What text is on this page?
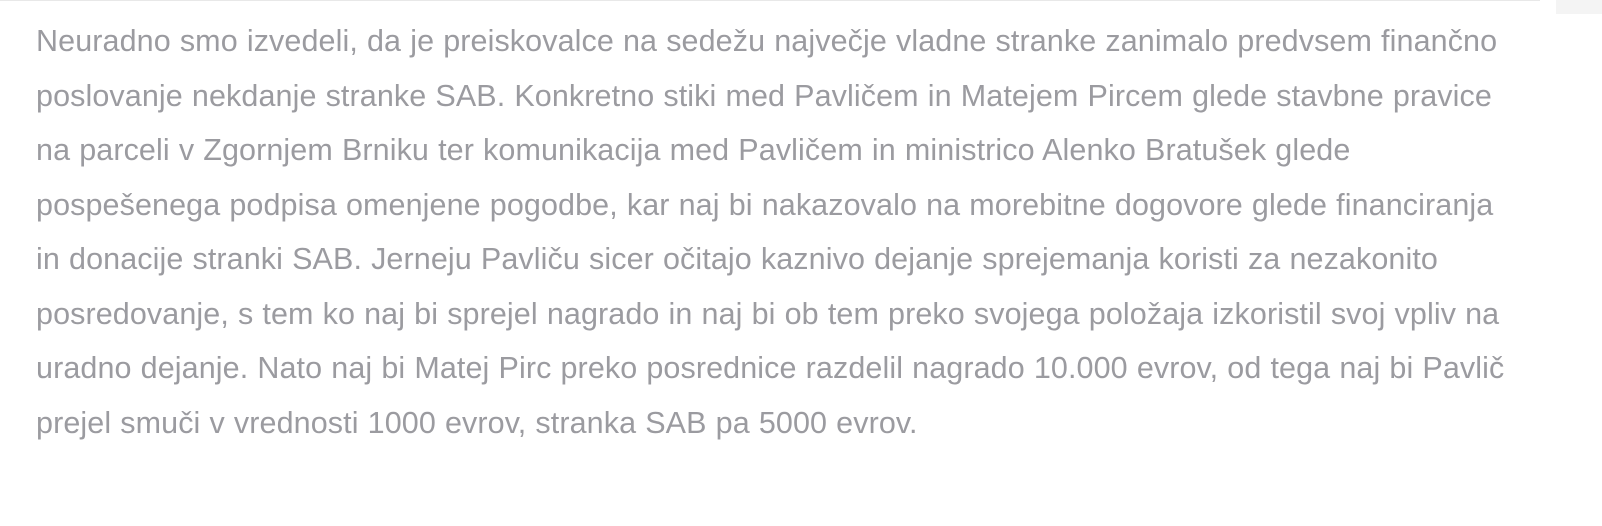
Neuradno smo izvedeli, da je preiskovalce na sedežu največje vladne stranke zanimalo predvsem finančno poslovanje nekdanje stranke SAB. Konkretno stiki med Pavličem in Matejem Pircem glede stavbne pravice na parceli v Zgornjem Brniku ter komunikacija med Pavličem in ministrico Alenko Bratušek glede pospešenega podpisa omenjene pogodbe, kar naj bi nakazovalo na morebitne dogovore glede financiranja in donacije stranki SAB. Jerneju Pavliču sicer očitajo kaznivo dejanje sprejemanja koristi za nezakonito posredovanje, s tem ko naj bi sprejel nagrado in naj bi ob tem preko svojega položaja izkoristil svoj vpliv na uradno dejanje. Nato naj bi Matej Pirc preko posrednice razdelil nagrado 10.000 evrov, od tega naj bi Pavlič prejel smuči v vrednosti 1000 evrov, stranka SAB pa 5000 evrov.
